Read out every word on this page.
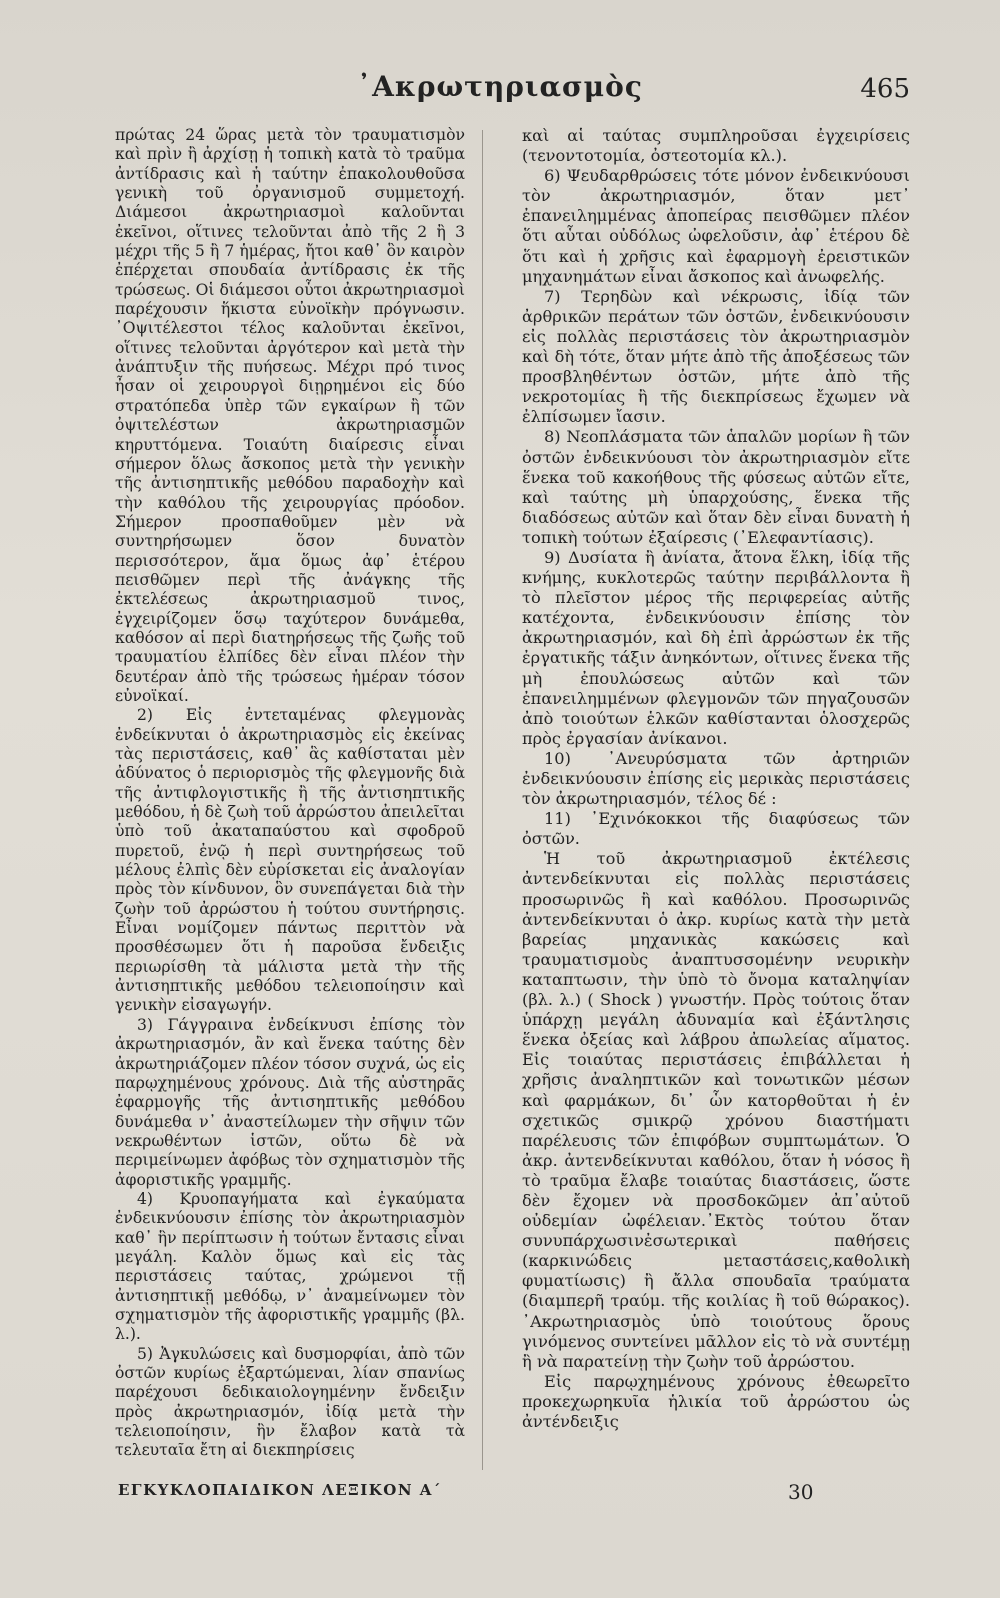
᾿Ακρωτηριασμὸς	465

πρώτας 24 ὥρας μετὰ τὸν τραυματισμὸν καὶ πρὶν ἢ ἀρχίσῃ ἡ τοπικὴ κατὰ τὸ τραῦμα ἀντίδρασις καὶ ἡ ταύτην ἐπακολουθοῦσα γενικὴ τοῦ ὀργανισμοῦ συμμετοχή. Διάμεσοι ἀκρωτηριασμοὶ καλοῦνται ἐκεῖνοι, οἵτινες τελοῦνται ἀπὸ τῆς 2 ἢ 3 μέχρι τῆς 5 ἢ 7 ἡμέρας, ἤτοι καθ᾿ ὃν καιρὸν ἐπέρχεται σπουδαία ἀντίδρασις ἐκ τῆς τρώσεως. Οἱ διάμεσοι οὗτοι ἀκρωτηριασμοὶ παρέχουσιν ἥκιστα εὐνοϊκὴν πρόγνωσιν. ᾿Οψιτέλεστοι τέλος καλοῦνται ἐκεῖνοι, οἵτινες τελοῦνται ἀργότερον καὶ μετὰ τὴν ἀνάπτυξιν τῆς πυήσεως. Μέχρι πρό τινος ἦσαν οἱ χειρουργοὶ διῃρημένοι εἰς δύο στρατόπεδα ὑπὲρ τῶν εγκαίρων ἢ τῶν ὀψιτελέστων ἀκρωτηριασμῶν κηρυττόμενα. Τοιαύτη διαίρεσις εἶναι σήμερον ὅλως ἄσκοπος μετὰ τὴν γενικὴν τῆς ἀντισηπτικῆς μεθόδου παραδοχὴν καὶ τὴν καθόλου τῆς χειρουργίας πρόοδον. Σήμερον προσπαθοῦμεν μὲν νὰ συντηρήσωμεν ὅσον δυνατὸν περισσότερον, ἅμα ὅμως ἀφ᾿ ἑτέρου πεισθῶμεν περὶ τῆς ἀνάγκης τῆς ἐκτελέσεως ἀκρωτηριασμοῦ τινος, ἐγχειρίζομεν ὅσῳ ταχύτερον δυνάμεθα, καθόσον αἱ περὶ διατηρήσεως τῆς ζωῆς τοῦ τραυματίου ἐλπίδες δὲν εἶναι πλέον τὴν δευτέραν ἀπὸ τῆς τρώσεως ἡμέραν τόσον εὐνοϊκαί.

2) Εἰς ἐντεταμένας φλεγμονὰς ἐνδείκνυται ὁ ἀκρωτηριασμὸς εἰς ἐκείνας τὰς περιστάσεις, καθ᾿ ἃς καθίσταται μὲν ἀδύνατος ὁ περιορισμὸς τῆς φλεγμονῆς διὰ τῆς ἀντιφλογιστικῆς ἢ τῆς ἀντισηπτικῆς μεθόδου, ἡ δὲ ζωὴ τοῦ ἀρρώστου ἀπειλεῖται ὑπὸ τοῦ ἀκαταπαύστου καὶ σφοδροῦ πυρετοῦ, ἐνῷ ἡ περὶ συντηρήσεως τοῦ μέλους ἐλπὶς δὲν εὑρίσκεται εἰς ἀναλογίαν πρὸς τὸν κίνδυνον, ὃν συνεπάγεται διὰ τὴν ζωὴν τοῦ ἀρρώστου ἡ τούτου συντήρησις. Εἶναι νομίζομεν πάντως περιττὸν νὰ προσθέσωμεν ὅτι ἡ παροῦσα ἔνδειξις περιωρίσθη τὰ μάλιστα μετὰ τὴν τῆς ἀντισηπτικῆς μεθόδου τελειοποίησιν καὶ γενικὴν εἰσαγωγήν.

3) Γάγγραινα ἐνδείκνυσι ἐπίσης τὸν ἀκρωτηριασμόν, ἂν καὶ ἕνεκα ταύτης δὲν ἀκρωτηριάζομεν πλέον τόσον συχνά, ὡς εἰς παρῳχημένους χρόνους. Διὰ τῆς αὐστηρᾶς ἐφαρμογῆς τῆς ἀντισηπτικῆς μεθόδου δυνάμεθα ν᾿ ἀναστείλωμεν τὴν σῆψιν τῶν νεκρωθέντων ἱστῶν, οὕτω δὲ νὰ περιμείνωμεν ἀφόβως τὸν σχηματισμὸν τῆς ἀφοριστικῆς γραμμῆς.

4) Κρυοπαγήματα καὶ ἐγκαύματα ἐνδεικνύουσιν ἐπίσης τὸν ἀκρωτηριασμὸν καθ᾿ ἣν περίπτωσιν ἡ τούτων ἔντασις εἶναι μεγάλη. Καλὸν ὅμως καὶ εἰς τὰς περιστάσεις ταύτας, χρώμενοι τῇ ἀντισηπτικῇ μεθόδῳ, ν᾿ ἀναμείνωμεν τὸν σχηματισμὸν τῆς ἀφοριστικῆς γραμμῆς (βλ. λ.).

5) Ἀγκυλώσεις καὶ δυσμορφίαι, ἀπὸ τῶν ὀστῶν κυρίως ἐξαρτώμεναι, λίαν σπανίως παρέχουσι δεδικαιολογημένην ἔνδειξιν πρὸς ἀκρωτηριασμόν, ἰδίᾳ μετὰ τὴν τελειοποίησιν, ἣν ἔλαβον κατὰ τὰ τελευταῖα ἔτη αἱ διεκπηρίσεις

καὶ αἱ ταύτας συμπληροῦσαι ἐγχειρίσεις (τενοντοτομία, ὀστεοτομία κλ.).

6) Ψευδαρθρώσεις τότε μόνον ἐνδεικνύουσι τὸν ἀκρωτηριασμόν, ὅταν μετ᾿ ἐπανειλημμένας ἀποπείρας πεισθῶμεν πλέον ὅτι αὗται οὐδόλως ὠφελοῦσιν, ἀφ᾿ ἑτέρου δὲ ὅτι καὶ ἡ χρῆσις καὶ ἐφαρμογὴ ἐρειστικῶν μηχανημάτων εἶναι ἄσκοπος καὶ ἀνωφελής.

7) Τερηδὼν καὶ νέκρωσις, ἰδίᾳ τῶν ἀρθρικῶν περάτων τῶν ὀστῶν, ἐνδεικνύουσιν εἰς πολλὰς περιστάσεις τὸν ἀκρωτηριασμὸν καὶ δὴ τότε, ὅταν μήτε ἀπὸ τῆς ἀποξέσεως τῶν προσβληθέντων ὀστῶν, μήτε ἀπὸ τῆς νεκροτομίας ἢ τῆς διεκπρίσεως ἔχωμεν νὰ ἐλπίσωμεν ἴασιν.

8) Νεοπλάσματα τῶν ἁπαλῶν μορίων ἢ τῶν ὀστῶν ἐνδεικνύουσι τὸν ἀκρωτηριασμὸν εἴτε ἕνεκα τοῦ κακοήθους τῆς φύσεως αὐτῶν εἴτε, καὶ ταύτης μὴ ὑπαρχούσης, ἕνεκα τῆς διαδόσεως αὐτῶν καὶ ὅταν δὲν εἶναι δυνατὴ ἡ τοπικὴ τούτων ἐξαίρεσις (᾿Ελεφαντίασις).

9) Δυσίατα ἢ ἀνίατα, ἄτονα ἕλκη, ἰδίᾳ τῆς κνήμης, κυκλοτερῶς ταύτην περιβάλλοντα ἢ τὸ πλεῖστον μέρος τῆς περιφερείας αὐτῆς κατέχοντα, ἐνδεικνύουσιν ἐπίσης τὸν ἀκρωτηριασμόν, καὶ δὴ ἐπὶ ἀρρώστων ἐκ τῆς ἐργατικῆς τάξιν ἀνηκόντων, οἵτινες ἕνεκα τῆς μὴ ἐπουλώσεως αὐτῶν καὶ τῶν ἐπανειλημμένων φλεγμονῶν τῶν πηγαζουσῶν ἀπὸ τοιούτων ἑλκῶν καθίστανται ὁλοσχερῶς πρὸς ἐργασίαν ἀνίκανοι.

10) ᾿Ανευρύσματα τῶν ἀρτηριῶν ἐνδεικνύουσιν ἐπίσης εἰς μερικὰς περιστάσεις τὸν ἀκρωτηριασμόν, τέλος δέ :

11) ᾿Εχινόκοκκοι τῆς διαφύσεως τῶν ὀστῶν.

Ἡ τοῦ ἀκρωτηριασμοῦ ἐκτέλεσις ἀντενδείκνυται εἰς πολλὰς περιστάσεις προσωρινῶς ἢ καὶ καθόλου. Προσωρινῶς ἀντενδείκνυται ὁ ἀκρ. κυρίως κατὰ τὴν μετὰ βαρείας μηχανικὰς κακώσεις καὶ τραυματισμοὺς ἀναπτυσσομένην νευρικὴν καταπτωσιν, τὴν ὑπὸ τὸ ὄνομα καταληψίαν (βλ. λ.) ( Shock ) γνωστήν. Πρὸς τούτοις ὅταν ὑπάρχῃ μεγάλη ἀδυναμία καὶ ἐξάντλησις ἕνεκα ὀξείας καὶ λάβρου ἀπωλείας αἵματος. Εἰς τοιαύτας περιστάσεις ἐπιβάλλεται ἡ χρῆσις ἀναληπτικῶν καὶ τονωτικῶν μέσων καὶ φαρμάκων, δι᾿ ὧν κατορθοῦται ἡ ἐν σχετικῶς σμικρῷ χρόνου διαστήματι παρέλευσις τῶν ἐπιφόβων συμπτωμάτων. Ὁ ἀκρ. ἀντενδείκνυται καθόλου, ὅταν ἡ νόσος ἢ τὸ τραῦμα ἔλαβε τοιαύτας διαστάσεις, ὥστε δὲν ἔχομεν νὰ προσδοκῶμεν ἀπ᾿αὐτοῦ οὐδεμίαν ὠφέλειαν.᾿Εκτὸς τούτου ὅταν συνυπάρχωσινἐσωτερικαὶ παθήσεις (καρκινώδεις μεταστάσεις,καθολικὴ φυματίωσις) ἢ ἄλλα σπουδαῖα τραύματα (διαμπερῆ τραύμ. τῆς κοιλίας ἢ τοῦ θώρακος). ᾿Ακρωτηριασμὸς ὑπὸ τοιούτους ὅρους γινόμενος συντείνει μᾶλλον εἰς τὸ νὰ συντέμῃ ἢ νὰ παρατείνῃ τὴν ζωὴν τοῦ ἀρρώστου.

Εἰς παρῳχημένους χρόνους ἐθεωρεῖτο προκεχωρηκυῖα ἡλικία τοῦ ἀρρώστου ὡς ἀντένδειξις

ΕΓΚΥΚΛΟΠΑΙΔΙΚΟΝ ΛΕΞΙΚΟΝ Α´	30
